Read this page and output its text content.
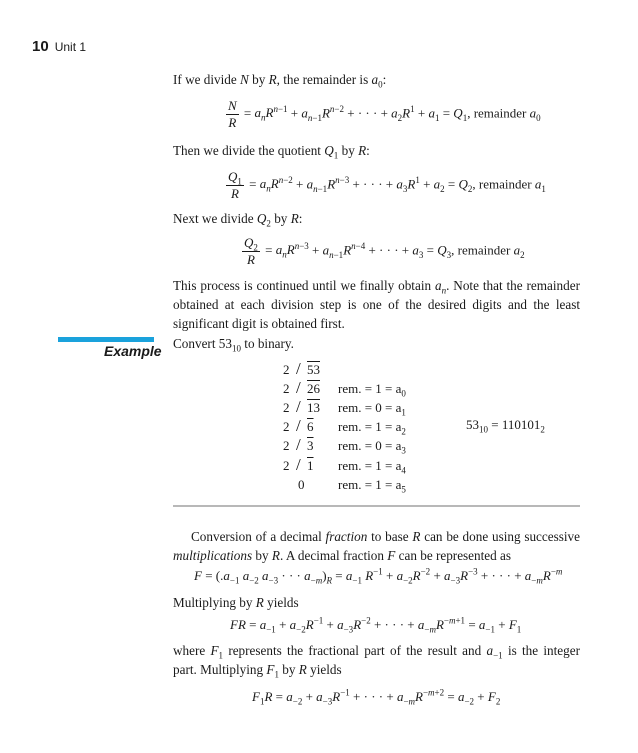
10 Unit 1

If we divide N by R, the remainder is $a_0$:

$\frac{N}{R} = a_nR^{n-1} + a_{n-1}R^{n-2}$ + · · · + $a_2R^1 + a_1 = Q_1$, remainder $a_0$

Then we divide the quotient $Q_1$ by R:

$\frac{Q_1}{R} = a_nR^{n-2} + a_{n-1}R^{n-3}$ + · · · + $a_3R^1 + a_2 = Q_2$, remainder $a_1$

Next we divide $Q_2$ by R:

$\frac{Q_2}{R} = a_nR^{n-3} + a_{n-1}R^{n-4}$ + · · · + $a_3 = Q_3$, remainder $a_2$

This process is continued until we finally obtain $a_n$. Note that the remainder obtained at each division step is one of the desired digits and the least significant digit is obtained first.

Example Convert $53_{10}$ to binary.

2 / 53
2 / 26 rem. = $1 = a_0$
2 / 13 rem. = $0 = a_1$
2 / 6 rem. = $1 = a_2$
2 / 3 rem. = $0 = a_3$
2 / 1 rem. = $1 = a_4$
0	rem. = $1 = a_5$
$53_{10} = 110101_2$

Conversion of a decimal fraction to base R can be done using successive multiplications by R. A decimal fraction F can be represented as

$F = (.a_{-1}$ $a_{-2}$ $a_{-3}$ · · · $a_{-m})_R = a_{-1}$ $R^{-1} + a_{-2}R^{-2} + a_{-3}R^{-3}$ + · · · + $a_{-m}R^{-m}$

Multiplying by R yields

FR = $a_{-1} + a_{-2}R^{-1} + a_{-3}R^{-2}$ + · · · + $a_{-m}R^{-m+1} = a_{-1} + F_1$

where $F_1$ represents the fractional part of the result and $a_{-1}$ is the integer part. Multiplying $F_1$ by R yields

$F_1R = a_{-2} + a_{-3}R^{-1}$ + · · · + $a_{-m}R^{-m+2} = a_{-2} + F_2$
